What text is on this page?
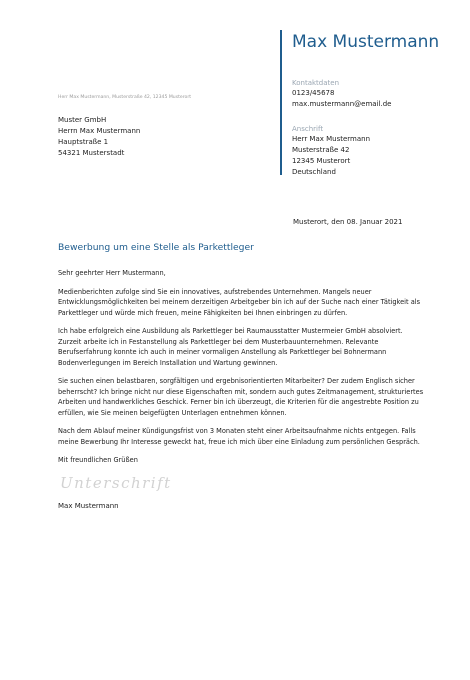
Max Mustermann
Kontaktdaten
0123/45678
max.mustermann@email.de
Anschrift
Herr Max Mustermann
Musterstraße 42
12345 Musterort
Deutschland
Herr Max Mustermann, Musterstraße 42, 12345 Musterort
Muster GmbH
Herrn Max Mustermann
Hauptstraße 1
54321 Musterstadt
Musterort, den 08. Januar 2021
Bewerbung um eine Stelle als Parkettleger

Sehr geehrter Herr Mustermann,

Medienberichten zufolge sind Sie ein innovatives, aufstrebendes Unternehmen. Mangels neuer Entwicklungsmöglichkeiten bei meinem derzeitigen Arbeitgeber bin ich auf der Suche nach einer Tätigkeit als Parkettleger und würde mich freuen, meine Fähigkeiten bei Ihnen einbringen zu dürfen.

Ich habe erfolgreich eine Ausbildung als Parkettleger bei Raumausstatter Mustermeier GmbH absolviert. Zurzeit arbeite ich in Festanstellung als Parkettleger bei dem Musterbauunternehmen. Relevante Berufserfahrung konnte ich auch in meiner vormaligen Anstellung als Parkettleger bei Bohnermann Bodenverlegungen im Bereich Installation und Wartung gewinnen.

Sie suchen einen belastbaren, sorgfältigen und ergebnisorientierten Mitarbeiter? Der zudem Englisch sicher beherrscht? Ich bringe nicht nur diese Eigenschaften mit, sondern auch gutes Zeitmanagement, strukturiertes Arbeiten und handwerkliches Geschick. Ferner bin ich überzeugt, die Kriterien für die angestrebte Position zu erfüllen, wie Sie meinen beigefügten Unterlagen entnehmen können.

Nach dem Ablauf meiner Kündigungsfrist von 3 Monaten steht einer Arbeitsaufnahme nichts entgegen. Falls meine Bewerbung Ihr Interesse geweckt hat, freue ich mich über eine Einladung zum persönlichen Gespräch.

Mit freundlichen Grüßen

Unterschrift
Max Mustermann
